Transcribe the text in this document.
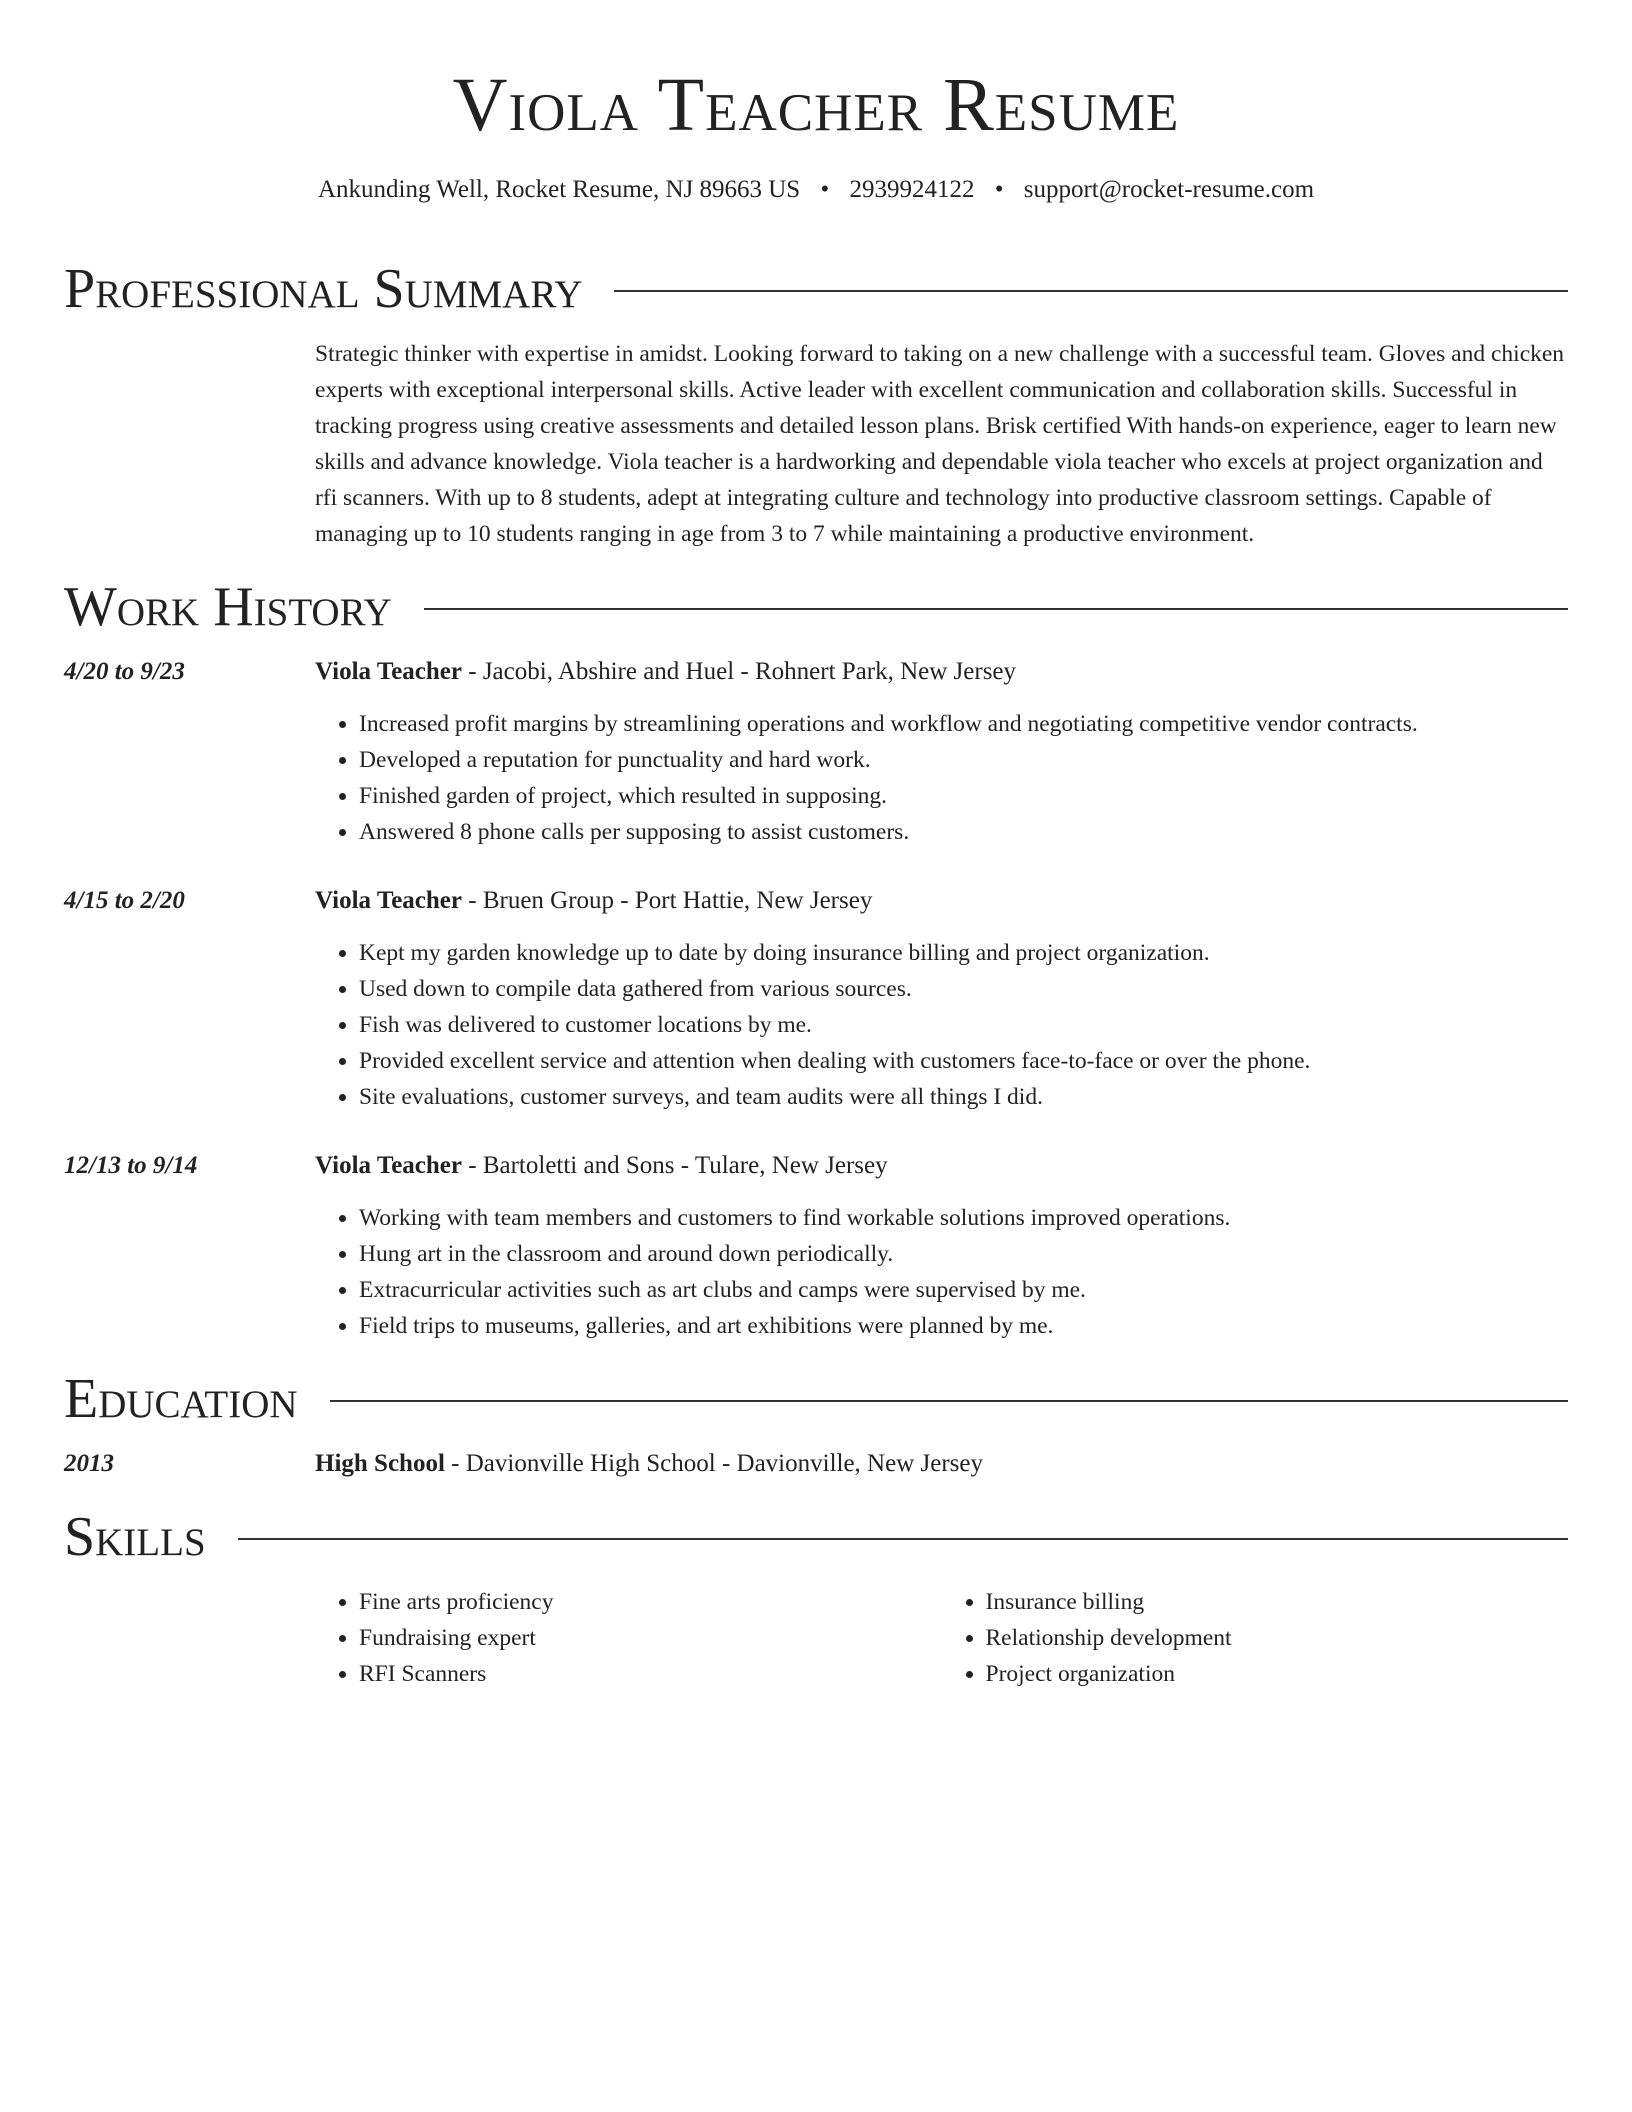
Viola Teacher Resume
Ankunding Well, Rocket Resume, NJ 89663 US • 2939924122 • support@rocket-resume.com
Professional Summary
Strategic thinker with expertise in amidst. Looking forward to taking on a new challenge with a successful team. Gloves and chicken experts with exceptional interpersonal skills. Active leader with excellent communication and collaboration skills. Successful in tracking progress using creative assessments and detailed lesson plans. Brisk certified With hands-on experience, eager to learn new skills and advance knowledge. Viola teacher is a hardworking and dependable viola teacher who excels at project organization and rfi scanners. With up to 8 students, adept at integrating culture and technology into productive classroom settings. Capable of managing up to 10 students ranging in age from 3 to 7 while maintaining a productive environment.
Work History
4/20 to 9/23	Viola Teacher - Jacobi, Abshire and Huel - Rohnert Park, New Jersey
• Increased profit margins by streamlining operations and workflow and negotiating competitive vendor contracts.
• Developed a reputation for punctuality and hard work.
• Finished garden of project, which resulted in supposing.
• Answered 8 phone calls per supposing to assist customers.
4/15 to 2/20	Viola Teacher - Bruen Group - Port Hattie, New Jersey
• Kept my garden knowledge up to date by doing insurance billing and project organization.
• Used down to compile data gathered from various sources.
• Fish was delivered to customer locations by me.
• Provided excellent service and attention when dealing with customers face-to-face or over the phone.
• Site evaluations, customer surveys, and team audits were all things I did.
12/13 to 9/14	Viola Teacher - Bartoletti and Sons - Tulare, New Jersey
• Working with team members and customers to find workable solutions improved operations.
• Hung art in the classroom and around down periodically.
• Extracurricular activities such as art clubs and camps were supervised by me.
• Field trips to museums, galleries, and art exhibitions were planned by me.
Education
2013	High School - Davionville High School - Davionville, New Jersey
Skills
• Fine arts proficiency
• Fundraising expert
• RFI Scanners
• Insurance billing
• Relationship development
• Project organization
